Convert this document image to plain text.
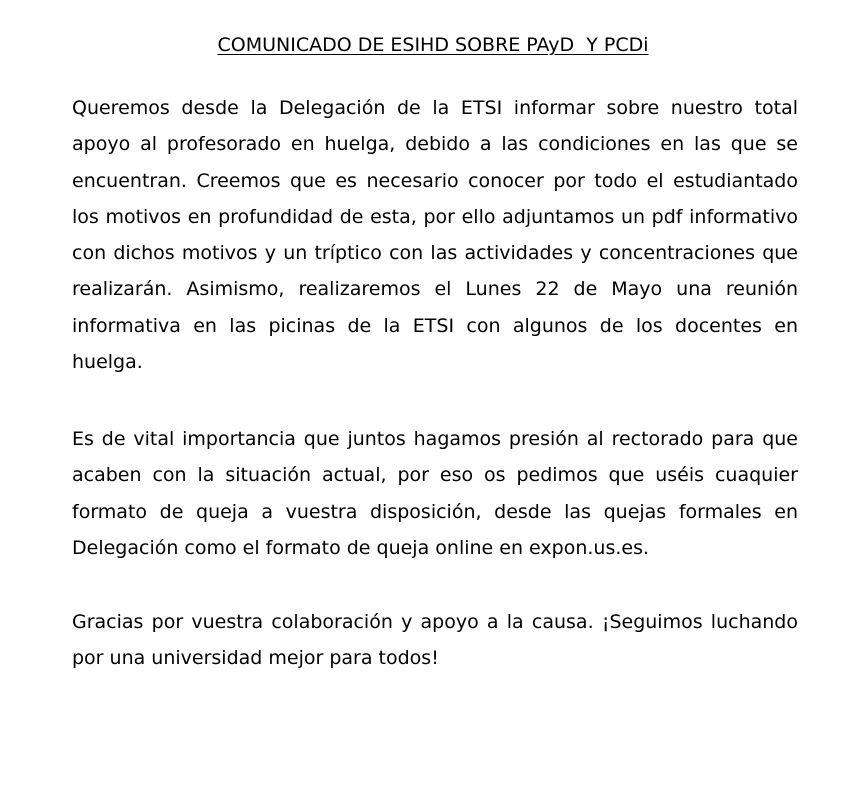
COMUNICADO DE ESIHD SOBRE PAyD  Y PCDi

Queremos desde la Delegación de la ETSI informar sobre nuestro total apoyo al profesorado en huelga, debido a las condiciones en las que se encuentran. Creemos que es necesario conocer por todo el estudiantado los motivos en profundidad de esta, por ello adjuntamos un pdf informativo con dichos motivos y un tríptico con las actividades y concentraciones que realizarán. Asimismo, realizaremos el Lunes 22 de Mayo una reunión informativa en las picinas de la ETSI con algunos de los docentes en huelga.

Es de vital importancia que juntos hagamos presión al rectorado para que acaben con la situación actual, por eso os pedimos que uséis cuaquier formato de queja a vuestra disposición, desde las quejas formales en Delegación como el formato de queja online en expon.us.es.

Gracias por vuestra colaboración y apoyo a la causa. ¡Seguimos luchando por una universidad mejor para todos!
